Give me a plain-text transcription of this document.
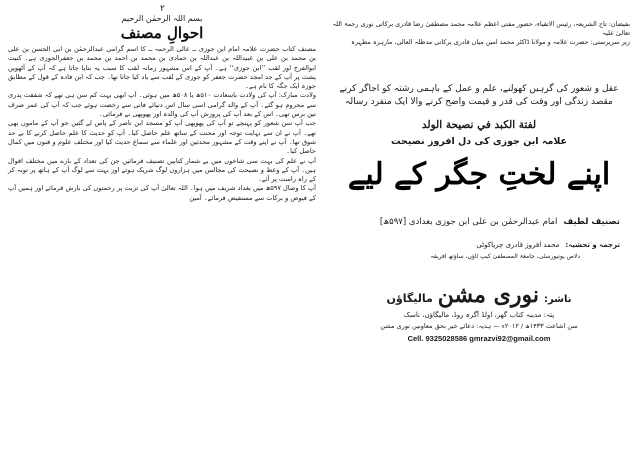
۲
بسم اللہ الرحمٰن الرحیم
احوالِ مصنف

مصنف کتاب حضرت علامہ امام ابن جوزی ــ عالی الرحمہ ــ کا اسم گرامی عبدالرحمٰن بن ابی الحسن بن علی بن محمد بن علی بن عبیداللہ بن عبداللہ بن حمادی بن محمد بن احمد بن محمد بن جعفرالجوزی ہے۔ کنیت ابوالفرج اور لقب ’’ابن جوزی‘‘ ہے۔ آپ کے اس مشہور زمانہ لقب کا سبب یہ بتایا جاتا ہے کہ آپ کے آٹھویں پشت پر آپ کے جد امجد حضرت جعفر کو جوزی کے لقب سے یاد کیا جاتا تھا۔ جب کہ ابن فادہ کے قول کے مطابق جوزہ ایک جگہ کا نام ہے۔

ولادت مبارک: آپ کی ولادت باسعادت ۵۱۰ھ یا ۵۰۸ھ میں ہوئی۔ آپ ابھی بہت کم سن ہی تھے کہ شفقت پدری سے محروم ہو گئے۔ آپ کے والد گرامی اسی سال اس دنیائے فانی سے رخصت ہوئے جب کہ آپ کی عمر صرف تین برس تھی۔ اس کے بعد آپ کی پرورش آپ کی والدہ اور پھوپھی نے فرمائی۔

جب آپ سن شعور کو پہنچے تو آپ کی پھوپھی آپ کو مسجد ابن ناصر کے پاس لے گئیں جو آپ کے ماموں بھی تھے۔ آپ نے ان سے نہایت توجہ اور محنت کے ساتھ علم حاصل کیا۔ آپ کو حدیث کا علم حاصل کرنے کا بے حد شوق تھا۔ آپ نے اپنے وقت کے مشہور محدثین اور علماء سے سماع حدیث کیا اور مختلف علوم و فنون میں کمال حاصل کیا۔

آپ نے علم کی بہت سی شاخوں میں بے شمار کتابیں تصنیف فرمائیں جن کی تعداد کے بارے میں مختلف اقوال ہیں۔ آپ کے وعظ و نصیحت کی مجالس میں ہزاروں لوگ شریک ہوتے اور بہت سے لوگ آپ کے ہاتھ پر توبہ کر کے راہ راست پر آئے۔

آپ کا وصال ۵۹۷ھ میں بغداد شریف میں ہوا۔ اللہ تعالیٰ آپ کی تربت پر رحمتوں کی بارش فرمائے اور ہمیں آپ کے فیوض و برکات سے مستفیض فرمائے۔ آمین

بفیضان: تاج الشریعہ، رئیس الاتقیاء، حضور مفتی اعظم علامہ محمد مصطفیٰ رضا قادری برکاتی نوری رحمۃ اللہ تعالیٰ علیہ

زیر سرپرستی: حضرت علامہ و مولانا ڈاکٹر محمد امین میاں قادری برکاتی مدظلہ العالی، مارہرہ مطہرہ

عقل و شعور کی گرہیں کھولنے، علم و عمل کے باہمی رشتہ کو اجاگر کرنے

مقصد زندگی اور وقت کی قدر و قیمت واضح کرنے والا ایک منفرد رسالہ

لفتة الكبد في نصيحة الولد
علامہ ابن جوزی کی دل افروز نصیحت
اپنے لختِ جگر کے لیے
تصنیف لطیف
امام عبدالرحمٰن بن علی ابن جوزی بغدادی [۵۹۷ھ]
ترجمہ و تحشیہ:
محمد افروز قادری چریاکوٹی
دلاص یونیورسٹی، جامعۃ المصطفیٰ کیپ ٹاؤن، ساؤتھ افریقہ
ناشر:
نوری مشن
مالیگاؤں
پتہ: مدینہ کتاب گھر، اولڈ آگرہ روڈ، مالیگاؤں، ناسک
سن اشاعت ۱۴۳۳ھ / ۲۰۱۲ء — ہدیہ: دعائے خیر بحق معاونین نوری مشن
Cell. 9325028586 gmrazvi92@gmail.com
